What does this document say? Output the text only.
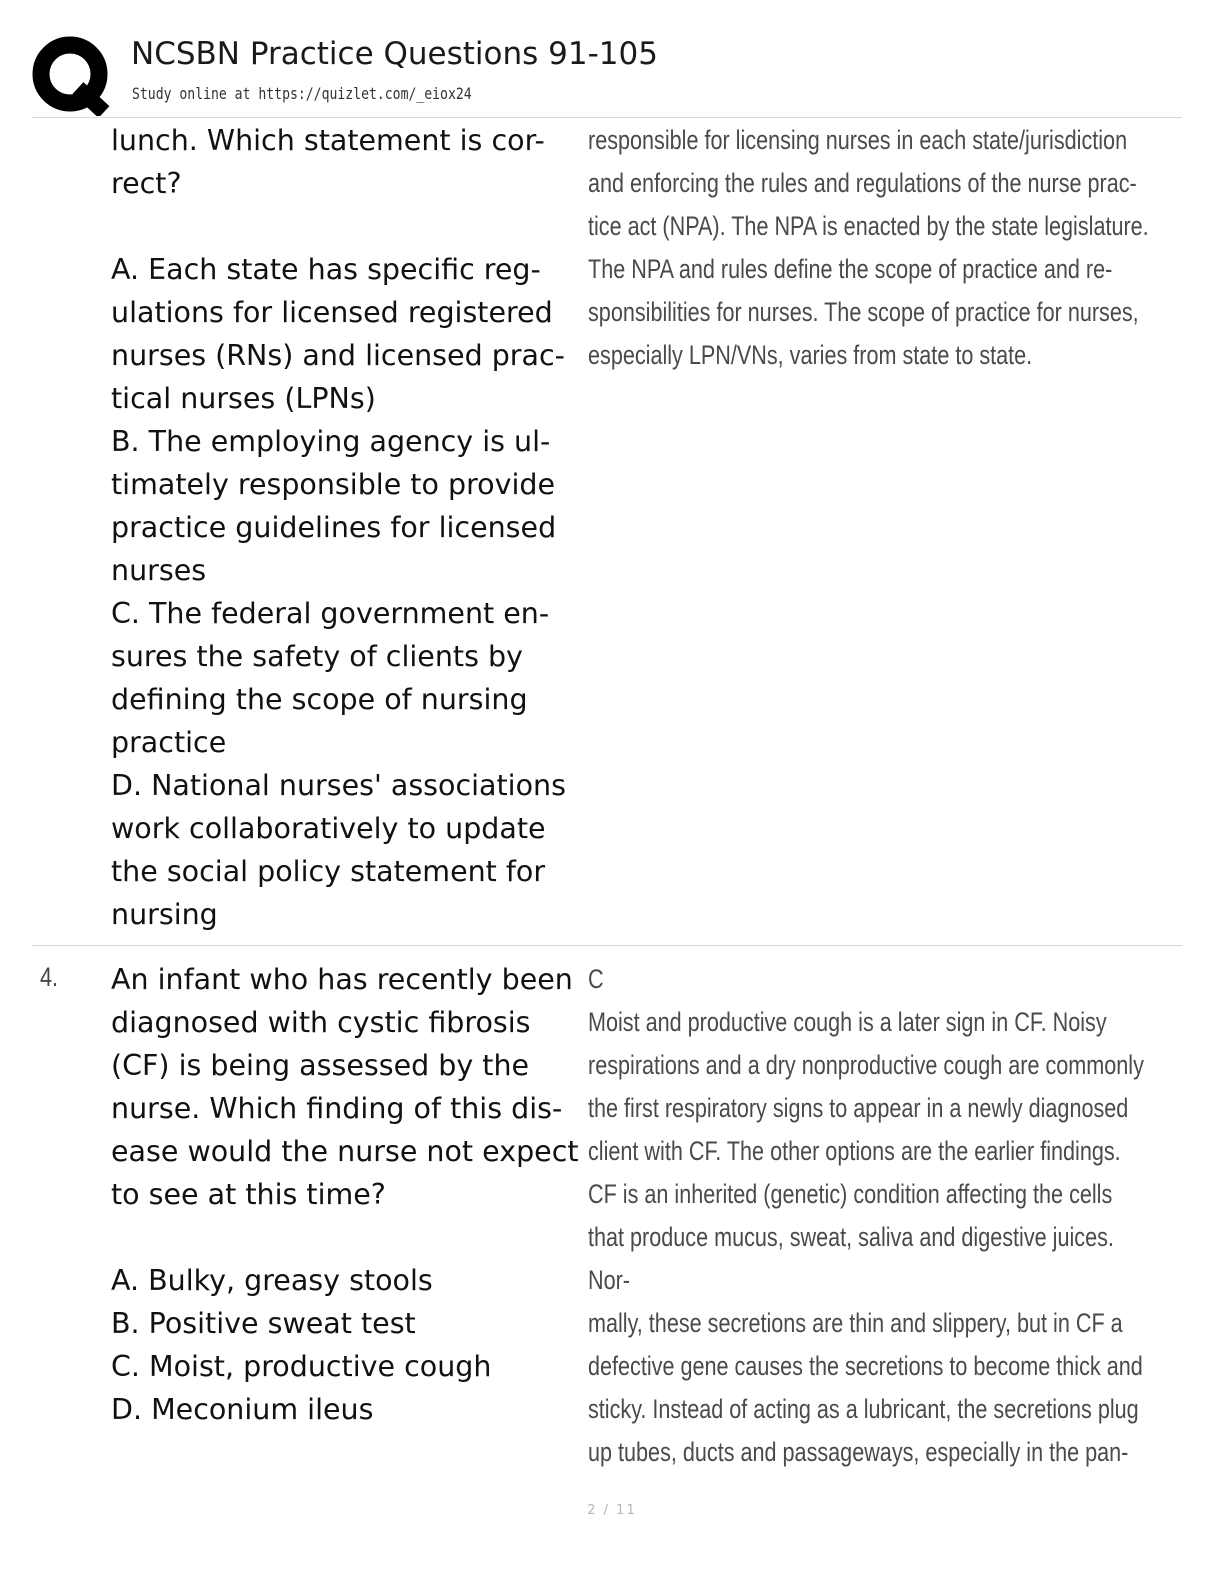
NCSBN Practice Questions 91-105
Study online at https://quizlet.com/_eiox24
lunch. Which statement is cor-
rect?

A. Each state has specific reg-
ulations for licensed registered
nurses (RNs) and licensed prac-
tical nurses (LPNs)
B. The employing agency is ul-
timately responsible to provide
practice guidelines for licensed
nurses
C. The federal government en-
sures the safety of clients by
defining the scope of nursing
practice
D. National nurses' associations
work collaboratively to update
the social policy statement for
nursing
responsible for licensing nurses in each state/jurisdiction
and enforcing the rules and regulations of the nurse prac-
tice act (NPA). The NPA is enacted by the state legislature.
The NPA and rules define the scope of practice and re-
sponsibilities for nurses. The scope of practice for nurses,
especially LPN/VNs, varies from state to state.
4. An infant who has recently been
diagnosed with cystic fibrosis
(CF) is being assessed by the
nurse. Which finding of this dis-
ease would the nurse not expect
to see at this time?

A. Bulky, greasy stools
B. Positive sweat test
C. Moist, productive cough
D. Meconium ileus
C
Moist and productive cough is a later sign in CF. Noisy
respirations and a dry nonproductive cough are commonly
the first respiratory signs to appear in a newly diagnosed
client with CF. The other options are the earlier findings.
CF is an inherited (genetic) condition affecting the cells
that produce mucus, sweat, saliva and digestive juices. Nor-
mally, these secretions are thin and slippery, but in CF a
defective gene causes the secretions to become thick and
sticky. Instead of acting as a lubricant, the secretions plug
up tubes, ducts and passageways, especially in the pan-
2 / 11
